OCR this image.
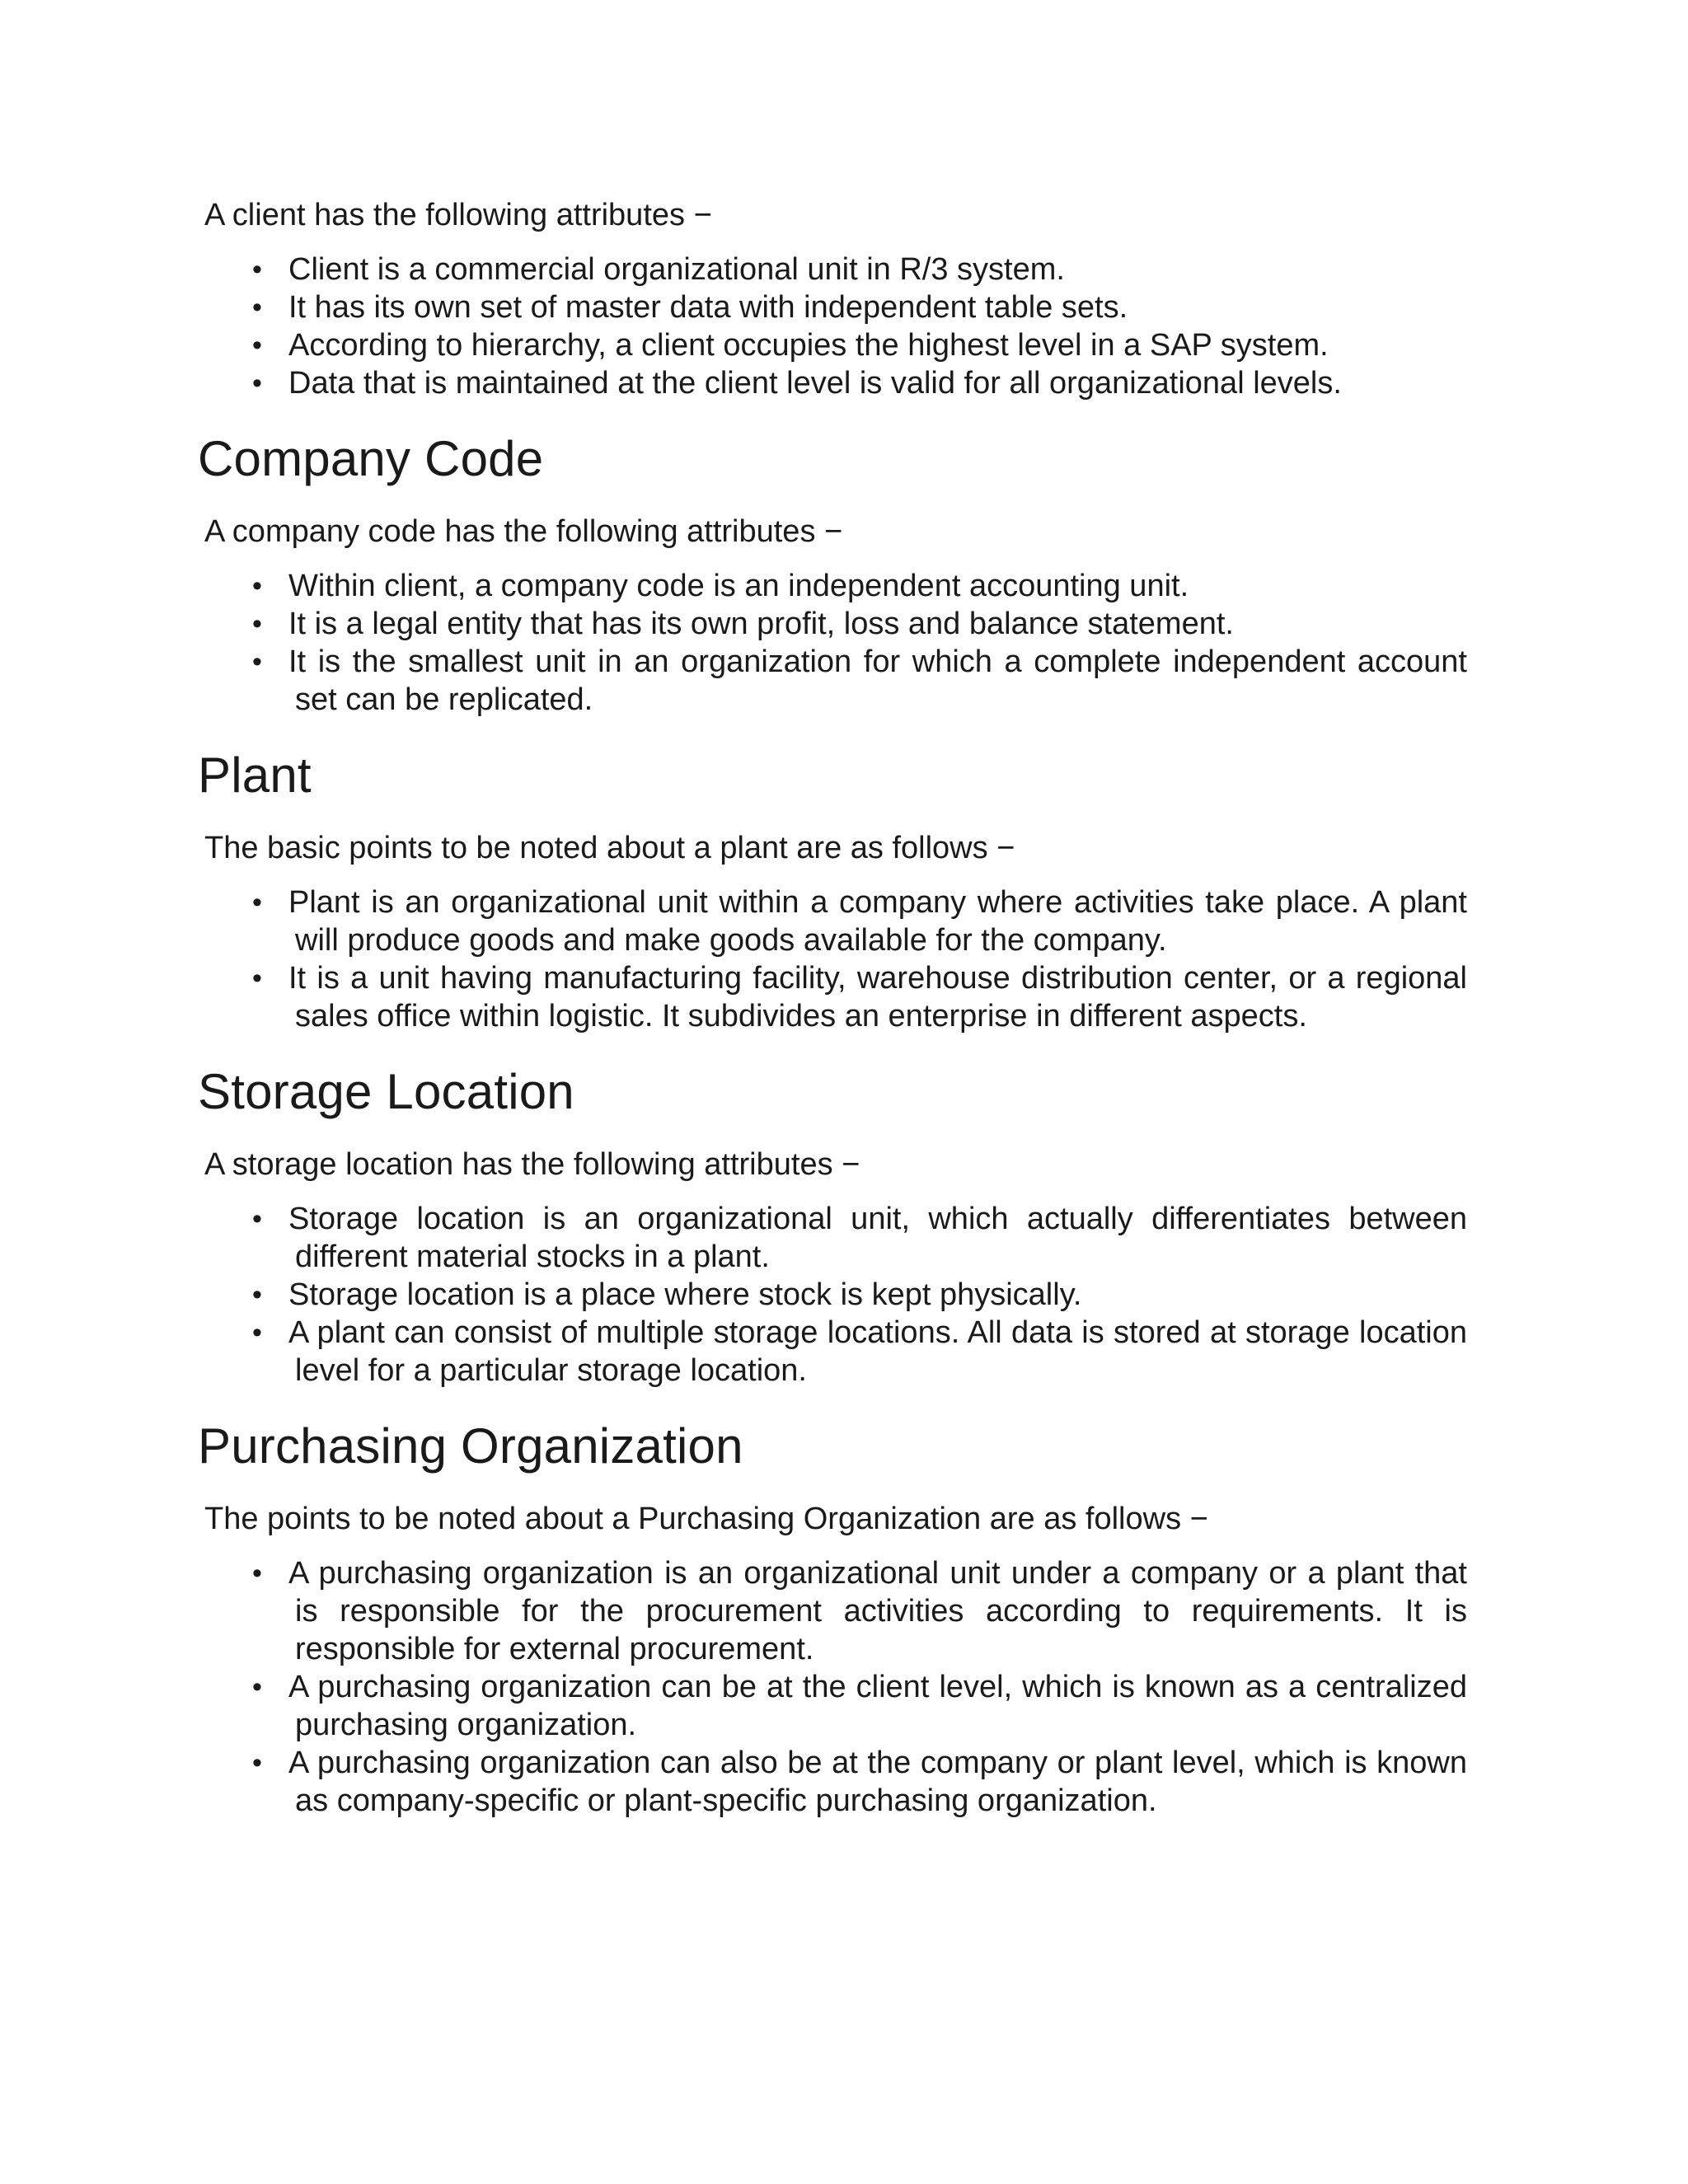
A client has the following attributes −

• Client is a commercial organizational unit in R/3 system.
• It has its own set of master data with independent table sets.
• According to hierarchy, a client occupies the highest level in a SAP system.
• Data that is maintained at the client level is valid for all organizational levels.
Company Code

A company code has the following attributes −

• Within client, a company code is an independent accounting unit.
• It is a legal entity that has its own profit, loss and balance statement.
• It is the smallest unit in an organization for which a complete independent account set can be replicated.
Plant

The basic points to be noted about a plant are as follows −

• Plant is an organizational unit within a company where activities take place. A plant will produce goods and make goods available for the company.
• It is a unit having manufacturing facility, warehouse distribution center, or a regional sales office within logistic. It subdivides an enterprise in different aspects.
Storage Location

A storage location has the following attributes −

• Storage location is an organizational unit, which actually differentiates between different material stocks in a plant.
• Storage location is a place where stock is kept physically.
• A plant can consist of multiple storage locations. All data is stored at storage location level for a particular storage location.
Purchasing Organization

The points to be noted about a Purchasing Organization are as follows −

• A purchasing organization is an organizational unit under a company or a plant that is responsible for the procurement activities according to requirements. It is responsible for external procurement.
• A purchasing organization can be at the client level, which is known as a centralized purchasing organization.
• A purchasing organization can also be at the company or plant level, which is known as company-specific or plant-specific purchasing organization.
